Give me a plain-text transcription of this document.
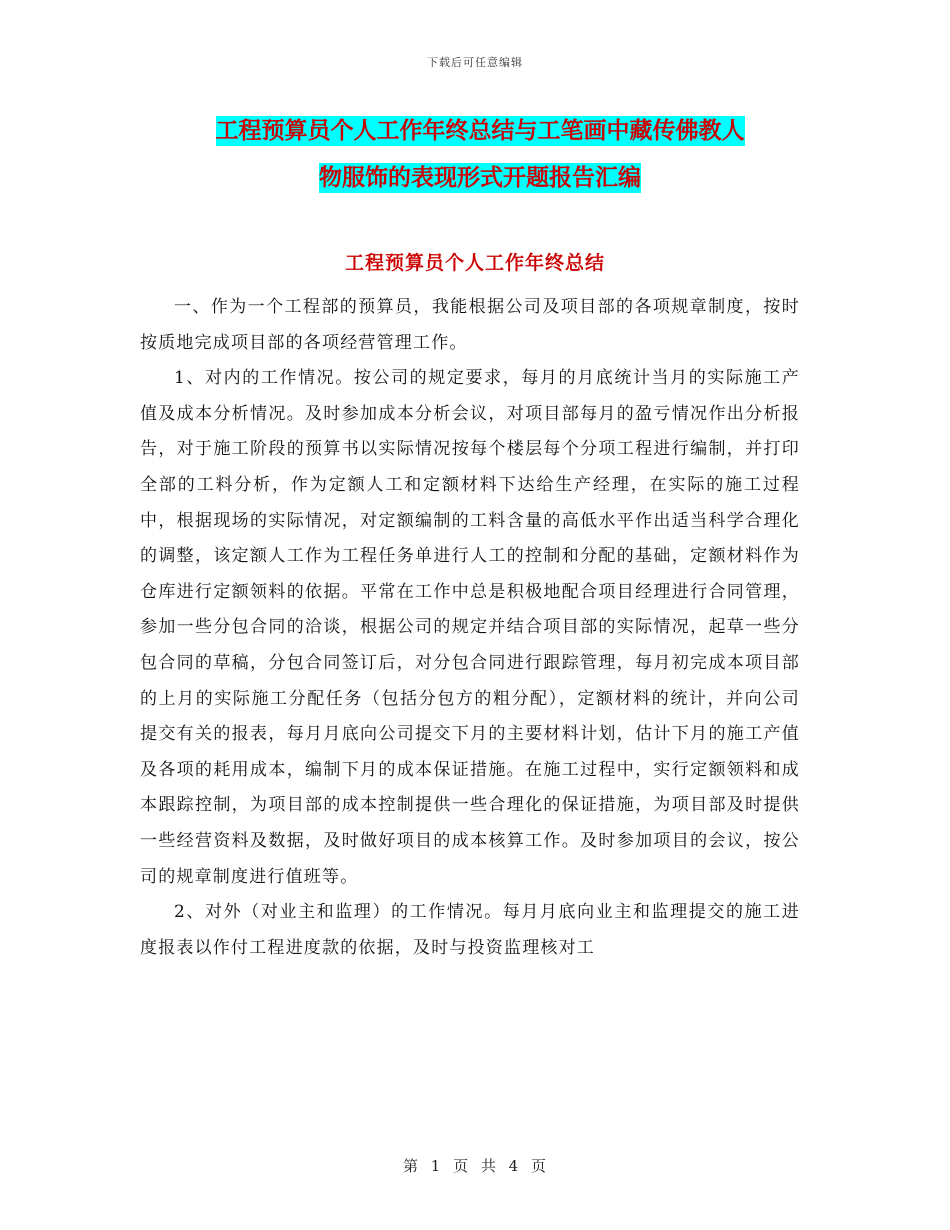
下载后可任意编辑
工程预算员个人工作年终总结与工笔画中藏传佛教人
物服饰的表现形式开题报告汇编
工程预算员个人工作年终总结

一、作为一个工程部的预算员，我能根据公司及项目部的各项规章制度，按时按质地完成项目部的各项经营管理工作。

1、对内的工作情况。按公司的规定要求，每月的月底统计当月的实际施工产值及成本分析情况。及时参加成本分析会议，对项目部每月的盈亏情况作出分析报告，对于施工阶段的预算书以实际情况按每个楼层每个分项工程进行编制，并打印全部的工料分析，作为定额人工和定额材料下达给生产经理，在实际的施工过程中，根据现场的实际情况，对定额编制的工料含量的高低水平作出适当科学合理化的调整，该定额人工作为工程任务单进行人工的控制和分配的基础，定额材料作为仓库进行定额领料的依据。平常在工作中总是积极地配合项目经理进行合同管理，参加一些分包合同的洽谈，根据公司的规定并结合项目部的实际情况，起草一些分包合同的草稿，分包合同签订后，对分包合同进行跟踪管理，每月初完成本项目部的上月的实际施工分配任务（包括分包方的粗分配），定额材料的统计，并向公司提交有关的报表，每月月底向公司提交下月的主要材料计划，估计下月的施工产值及各项的耗用成本，编制下月的成本保证措施。在施工过程中，实行定额领料和成本跟踪控制，为项目部的成本控制提供一些合理化的保证措施，为项目部及时提供一些经营资料及数据，及时做好项目的成本核算工作。及时参加项目的会议，按公司的规章制度进行值班等。

2、对外（对业主和监理）的工作情况。每月月底向业主和监理提交的施工进度报表以作付工程进度款的依据，及时与投资监理核对工

第 1 页 共 4 页
